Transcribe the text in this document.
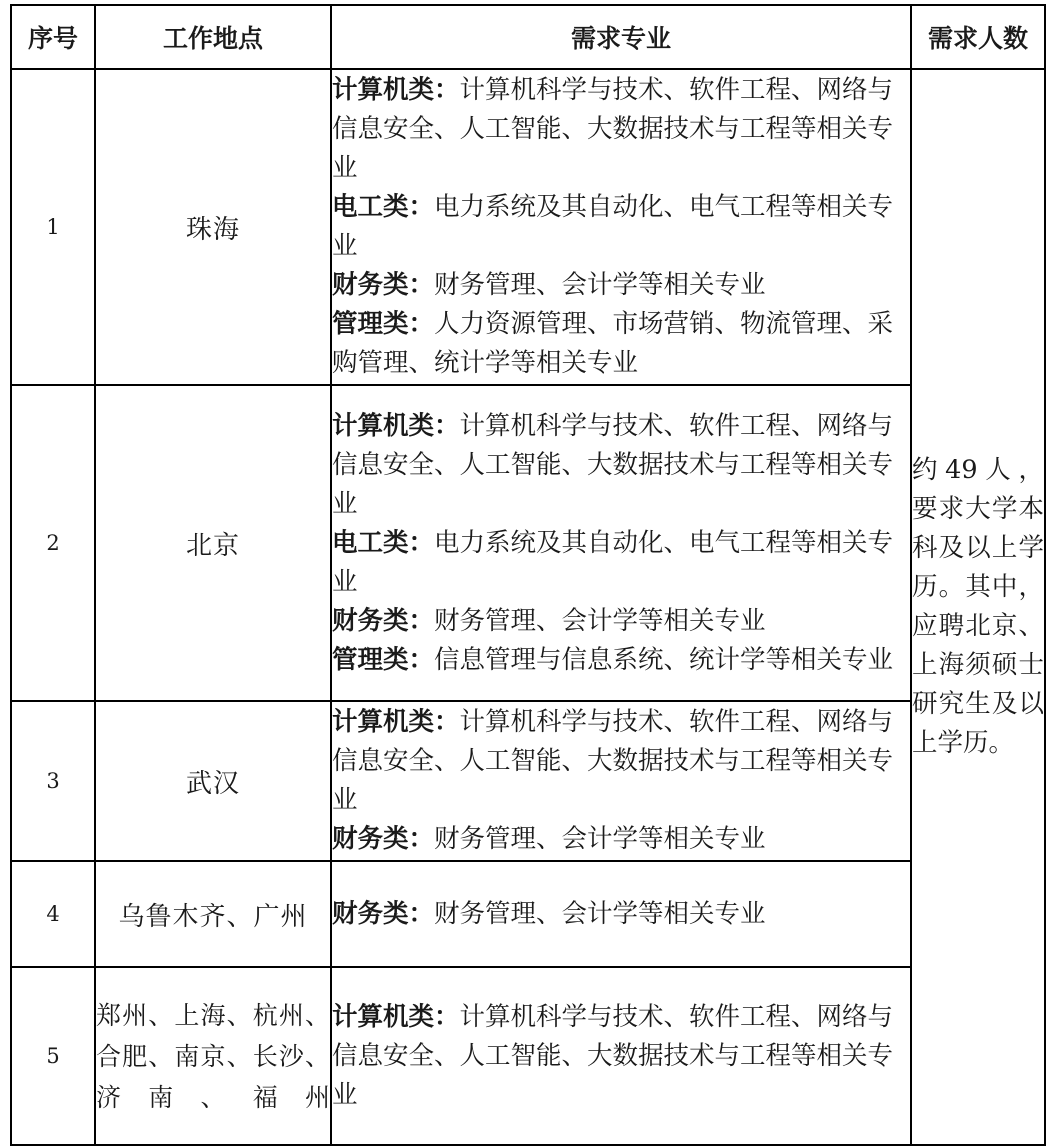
序号	工作地点	需求专业	需求人数
1	珠海	计算机类：计算机科学与技术、软件工程、网络与信息安全、人工智能、大数据技术与工程等相关专业
电工类：电力系统及其自动化、电气工程等相关专业
财务类：财务管理、会计学等相关专业
管理类：人力资源管理、市场营销、物流管理、采购管理、统计学等相关专业	约49人，要求大学本科及以上学历。其中，应聘北京、上海须硕士研究生及以上学历。
2	北京	计算机类：计算机科学与技术、软件工程、网络与信息安全、人工智能、大数据技术与工程等相关专业
电工类：电力系统及其自动化、电气工程等相关专业
财务类：财务管理、会计学等相关专业
管理类：信息管理与信息系统、统计学等相关专业	

3	武汉	计算机类：计算机科学与技术、软件工程、网络与信息安全、人工智能、大数据技术与工程等相关专业
财务类：财务管理、会计学等相关专业	

4	乌鲁木齐、广州	财务类：财务管理、会计学等相关专业	

5	郑州、上海、杭州、合肥、南京、长沙、济南、福州	计算机类：计算机科学与技术、软件工程、网络与信息安全、人工智能、大数据技术与工程等相关专业	
